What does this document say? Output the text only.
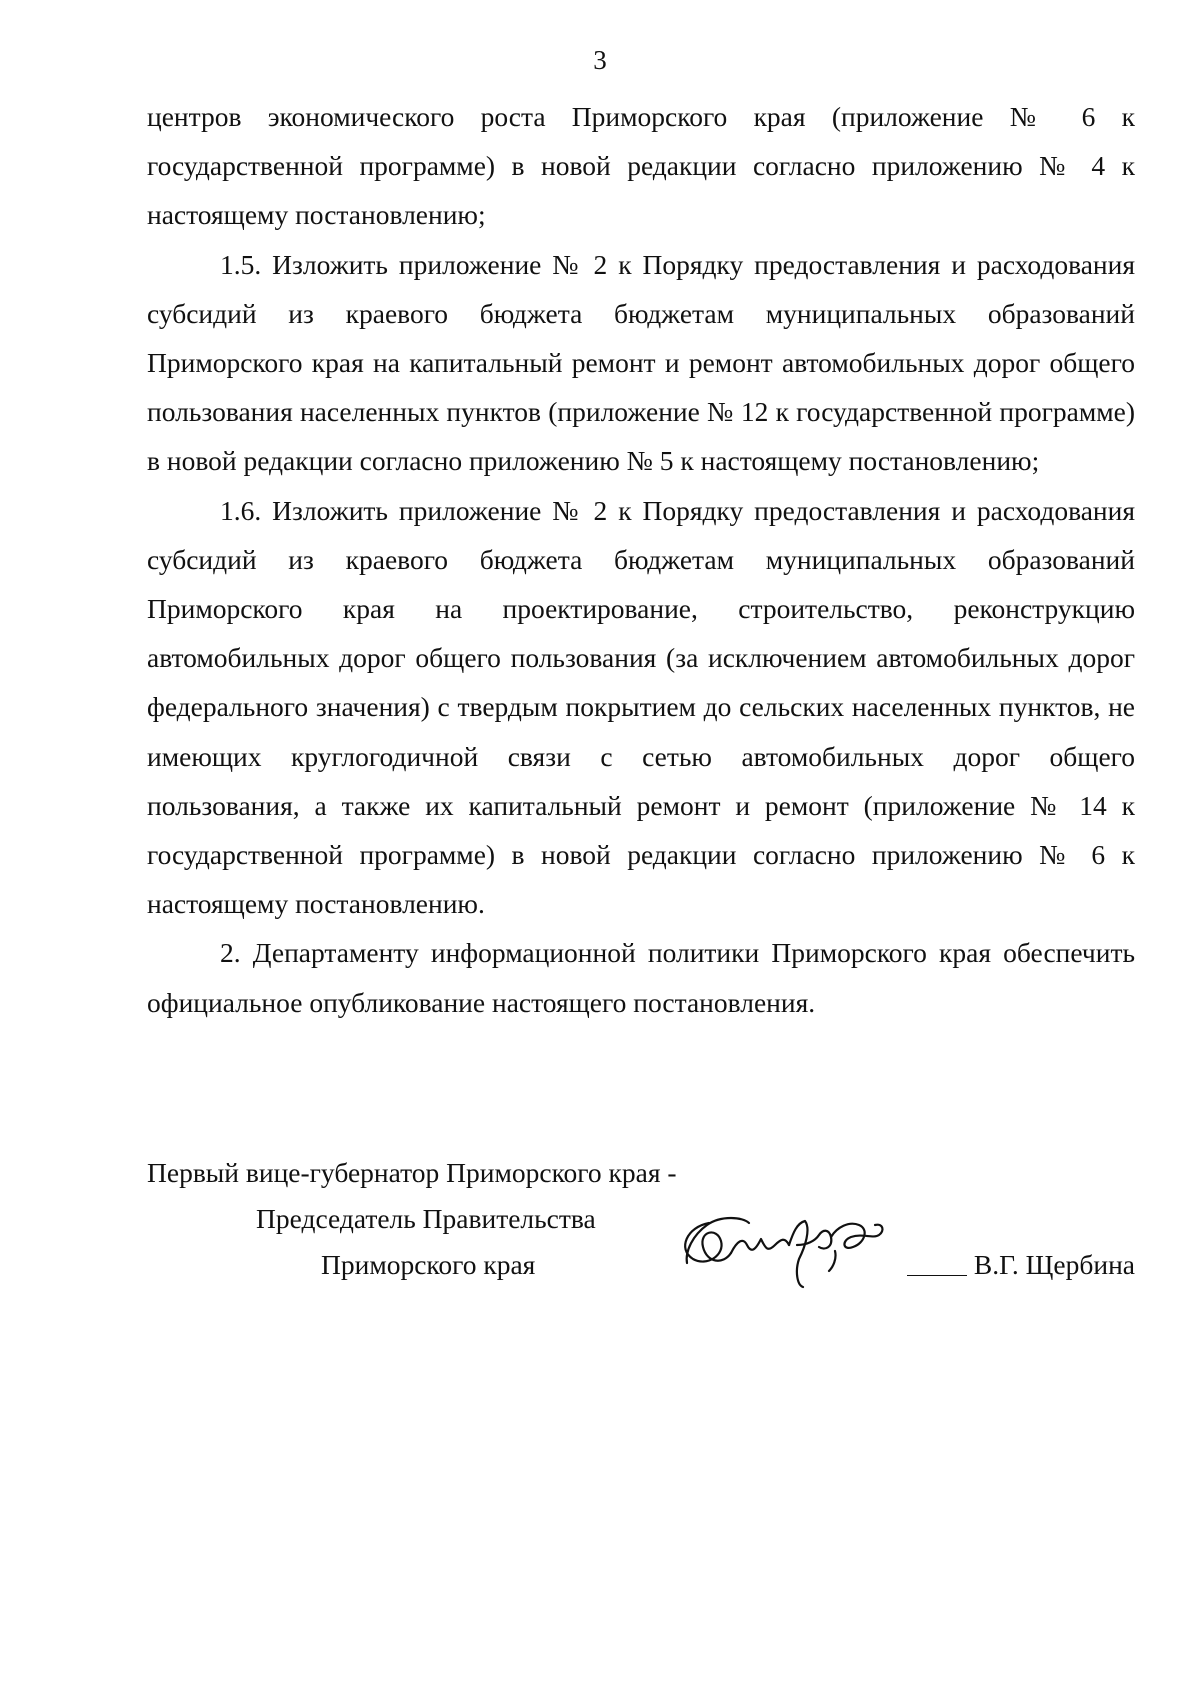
3

центров экономического роста Приморского края (приложение № 6 к государственной программе) в новой редакции согласно приложению № 4 к настоящему постановлению;

1.5. Изложить приложение № 2 к Порядку предоставления и расходования субсидий из краевого бюджета бюджетам муниципальных образований Приморского края на капитальный ремонт и ремонт автомобильных дорог общего пользования населенных пунктов (приложение № 12 к государственной программе) в новой редакции согласно приложению № 5 к настоящему постановлению;

1.6. Изложить приложение № 2 к Порядку предоставления и расходования субсидий из краевого бюджета бюджетам муниципальных образований Приморского края на проектирование, строительство, реконструкцию автомобильных дорог общего пользования (за исключением автомобильных дорог федерального значения) с твердым покрытием до сельских населенных пунктов, не имеющих круглогодичной связи с сетью автомобильных дорог общего пользования, а также их капитальный ремонт и ремонт (приложение № 14 к государственной программе) в новой редакции согласно приложению № 6 к настоящему постановлению.

2. Департаменту информационной политики Приморского края обеспечить официальное опубликование настоящего постановления.

Первый вице-губернатор Приморского края -
Председатель Правительства
Приморского края	В.Г. Щербина
